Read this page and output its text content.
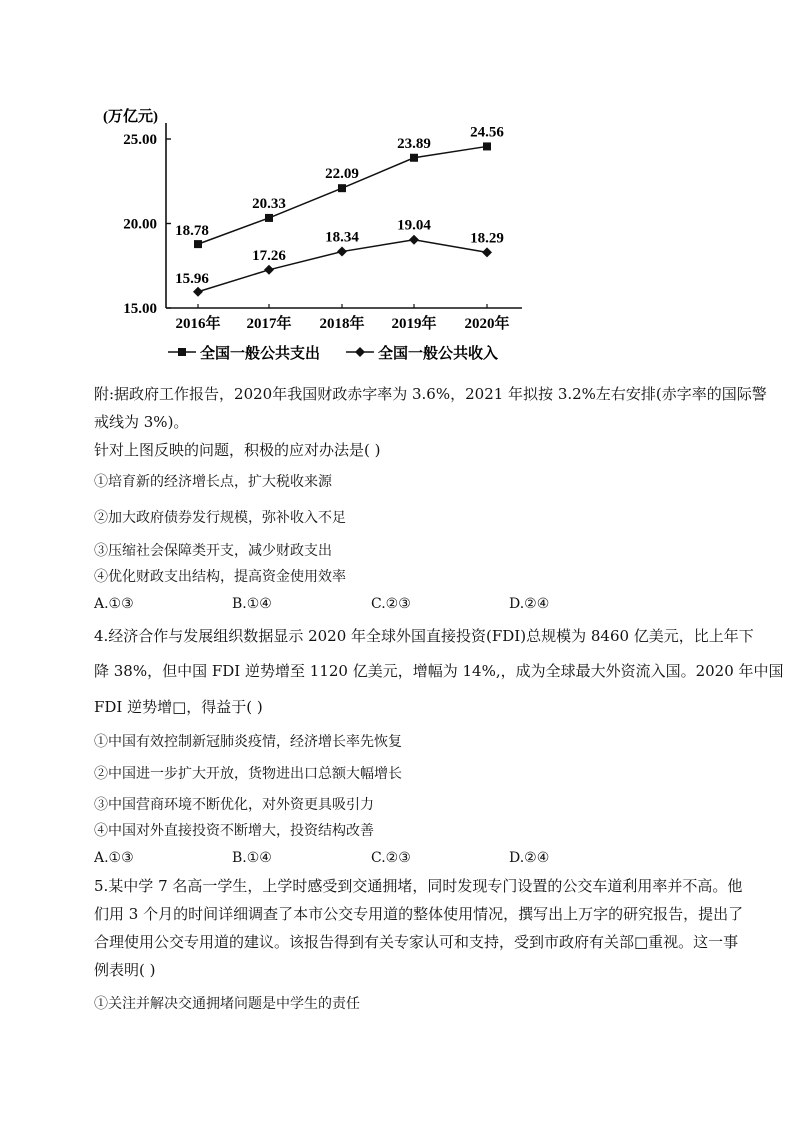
(万亿元)
25.00
20.00
15.00
2016年 2017年 2018年 2019年 2020年
18.78
20.33
22.09
23.89
24.56
15.96
17.26
18.34
19.04
18.29
全国一般公共支出	全国一般公共收入
附:据政府工作报告，2020年我国财政赤字率为 3.6%，2021 年拟按 3.2%左右安排(赤字率的国际警
戒线为 3%)。
针对上图反映的问题，积极的应对办法是( )
①培育新的经济增长点，扩大税收来源
②加大政府债券发行规模，弥补收入不足
③压缩社会保障类开支，减少财政支出
④优化财政支出结构，提高资金使用效率
A.①③	B.①④	C.②③	D.②④
4.经济合作与发展组织数据显示 2020 年全球外国直接投资(FDI)总规模为 8460 亿美元，比上年下
降 38%，但中国 FDI 逆势增至 1120 亿美元，增幅为 14%,，成为全球最大外资流入国。2020 年中国
FDI 逆势增□，得益于( )
①中国有效控制新冠肺炎疫情，经济增长率先恢复
②中国进一步扩大开放，货物进出口总额大幅增长
③中国营商环境不断优化，对外资更具吸引力
④中国对外直接投资不断增大，投资结构改善
A.①③	B.①④	C.②③	D.②④
5.某中学 7 名高一学生，上学时感受到交通拥堵，同时发现专门设置的公交车道利用率并不高。他
们用 3 个月的时间详细调查了本市公交专用道的整体使用情况，撰写出上万字的研究报告，提出了
合理使用公交专用道的建议。该报告得到有关专家认可和支持，受到市政府有关部□重视。这一事
例表明( )
①关注并解决交通拥堵问题是中学生的责任
